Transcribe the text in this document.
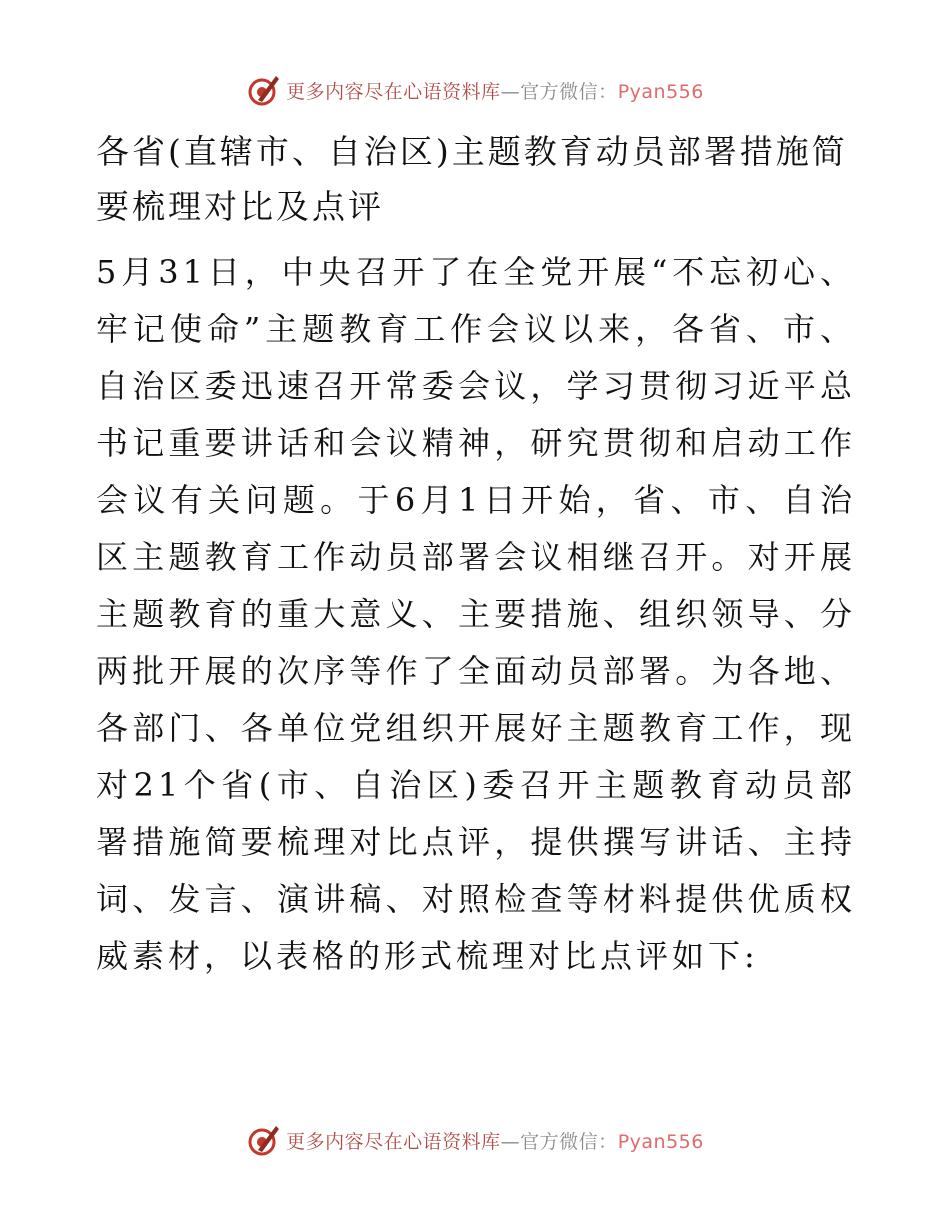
更多内容尽在心语资料库—官方微信：Pyan556
各省(直辖市、自治区)主题教育动员部署措施简要梳理对比及点评

5月31日，中央召开了在全党开展“不忘初心、牢记使命”主题教育工作会议以来，各省、市、自治区委迅速召开常委会议，学习贯彻习近平总书记重要讲话和会议精神，研究贯彻和启动工作会议有关问题。于6月1日开始，省、市、自治区主题教育工作动员部署会议相继召开。对开展主题教育的重大意义、主要措施、组织领导、分两批开展的次序等作了全面动员部署。为各地、各部门、各单位党组织开展好主题教育工作，现对21个省(市、自治区)委召开主题教育动员部署措施简要梳理对比点评，提供撰写讲话、主持词、发言、演讲稿、对照检查等材料提供优质权威素材，以表格的形式梳理对比点评如下:

更多内容尽在心语资料库—官方微信：Pyan556
